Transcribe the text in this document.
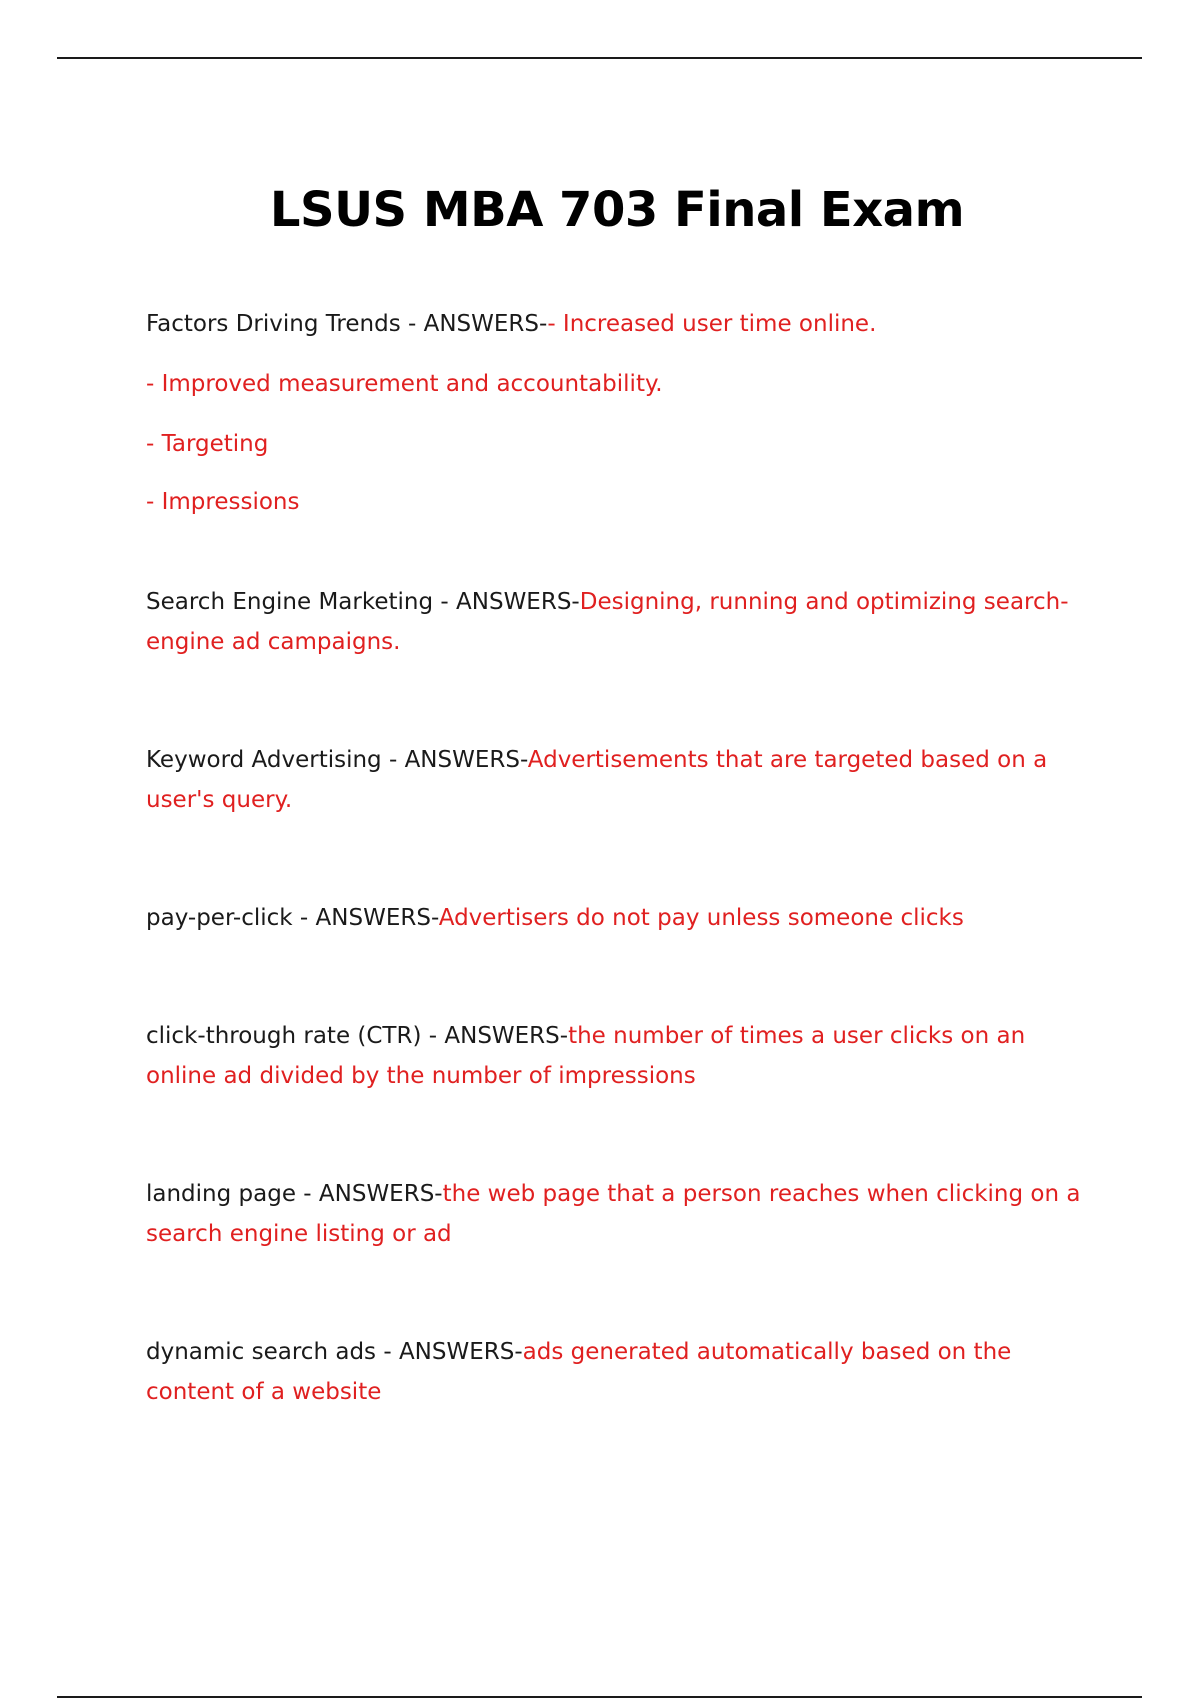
LSUS MBA 703 Final Exam

Factors Driving Trends - ANSWERS-- Increased user time online.

- Improved measurement and accountability.

- Targeting

- Impressions

Search Engine Marketing - ANSWERS-Designing, running and optimizing search-engine ad campaigns.

Keyword Advertising - ANSWERS-Advertisements that are targeted based on a user's query.

pay-per-click - ANSWERS-Advertisers do not pay unless someone clicks

click-through rate (CTR) - ANSWERS-the number of times a user clicks on an online ad divided by the number of impressions

landing page - ANSWERS-the web page that a person reaches when clicking on a search engine listing or ad

dynamic search ads - ANSWERS-ads generated automatically based on the content of a website
